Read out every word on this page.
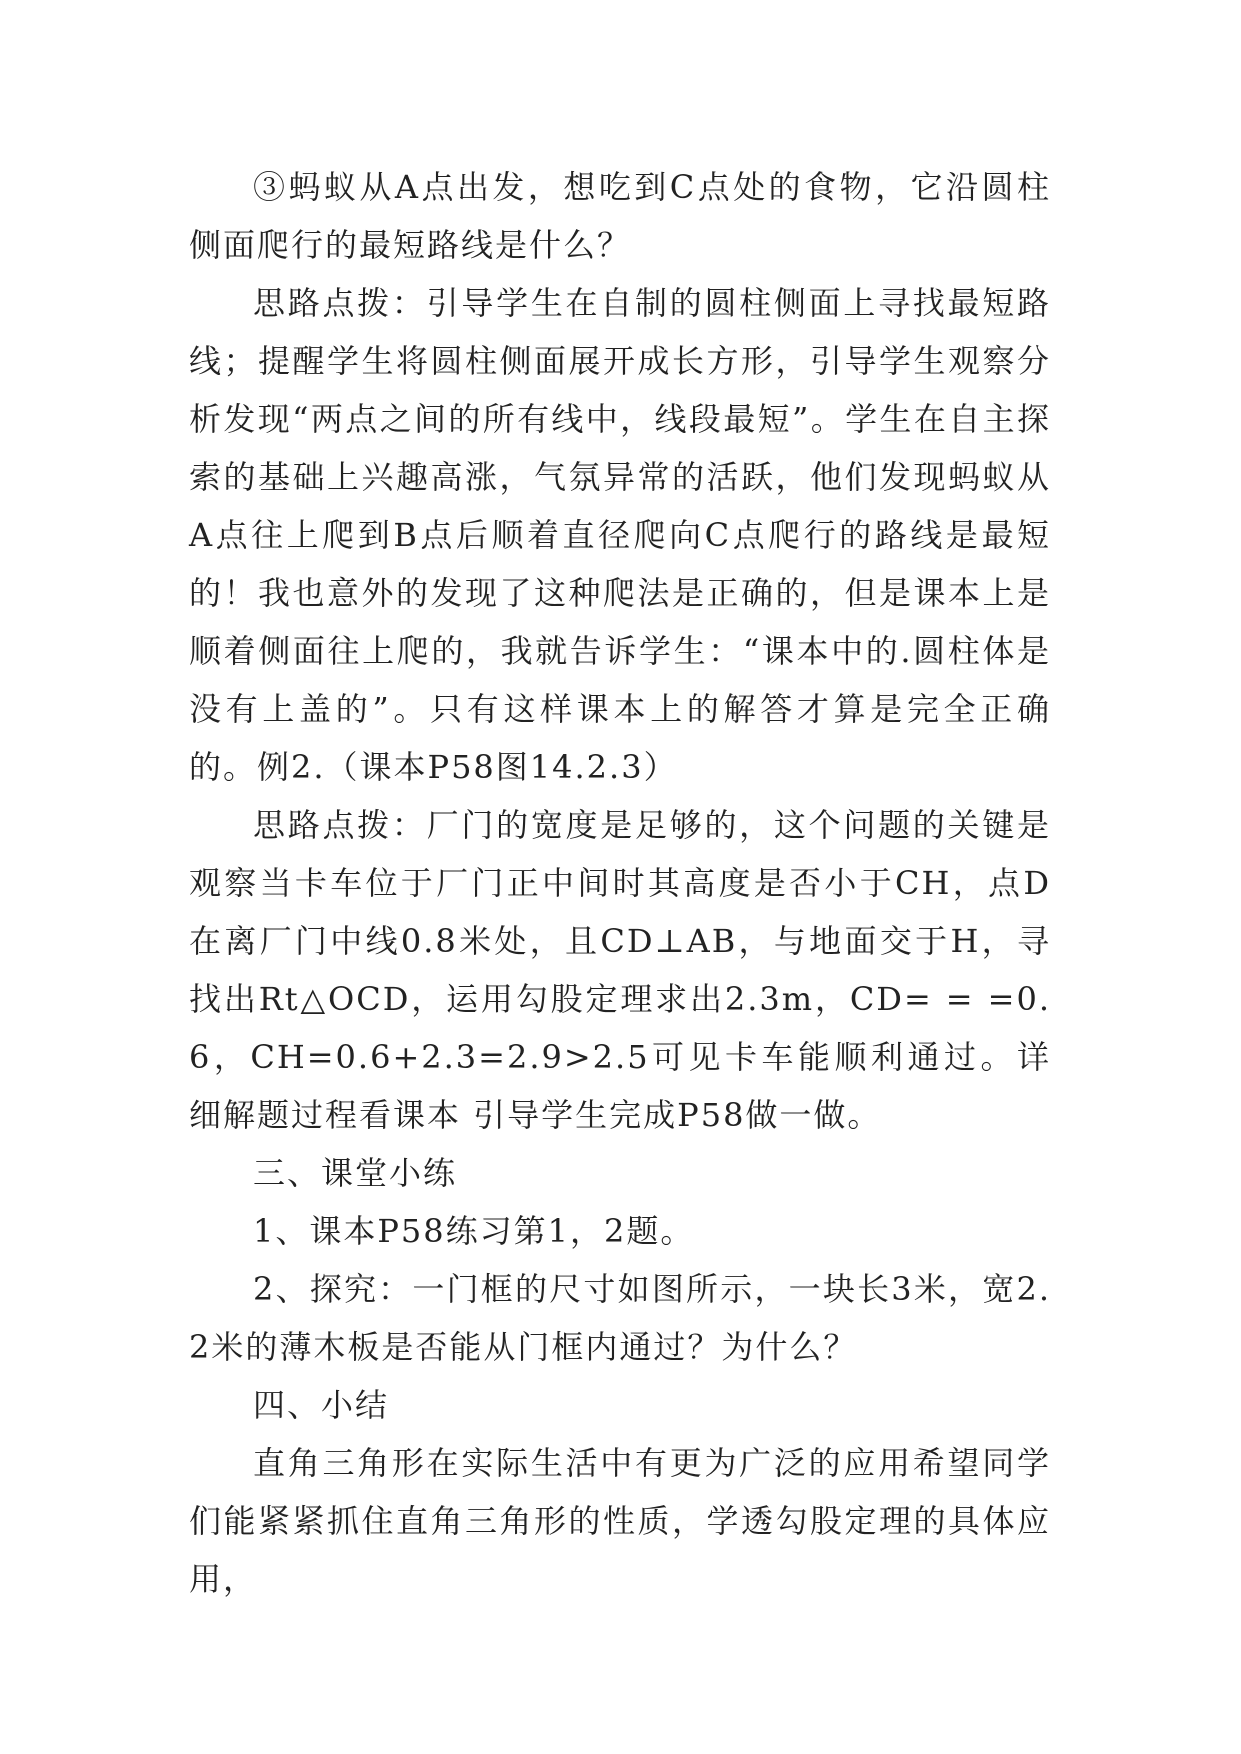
③蚂蚁从A点出发，想吃到C点处的食物，它沿圆柱侧面爬行的最短路线是什么？

思路点拨：引导学生在自制的圆柱侧面上寻找最短路线；提醒学生将圆柱侧面展开成长方形，引导学生观察分析发现“两点之间的所有线中，线段最短”。学生在自主探索的基础上兴趣高涨，气氛异常的活跃，他们发现蚂蚁从A点往上爬到B点后顺着直径爬向C点爬行的路线是最短的！我也意外的发现了这种爬法是正确的，但是课本上是顺着侧面往上爬的，我就告诉学生：“课本中的.圆柱体是没有上盖的”。只有这样课本上的解答才算是完全正确的。例2.（课本P58图14.2.3）

思路点拨：厂门的宽度是足够的，这个问题的关键是观察当卡车位于厂门正中间时其高度是否小于CH，点D在离厂门中线0.8米处，且CD⊥AB，与地面交于H，寻找出Rt△OCD，运用勾股定理求出2.3m，CD= = =0.6，CH=0.6+2.3=2.9>2.5可见卡车能顺利通过。详细解题过程看课本 引导学生完成P58做一做。

三、课堂小练

1、课本P58练习第1，2题。

2、探究：一门框的尺寸如图所示，一块长3米，宽2.2米的薄木板是否能从门框内通过？为什么？

四、小结

直角三角形在实际生活中有更为广泛的应用希望同学们能紧紧抓住直角三角形的性质，学透勾股定理的具体应用，
